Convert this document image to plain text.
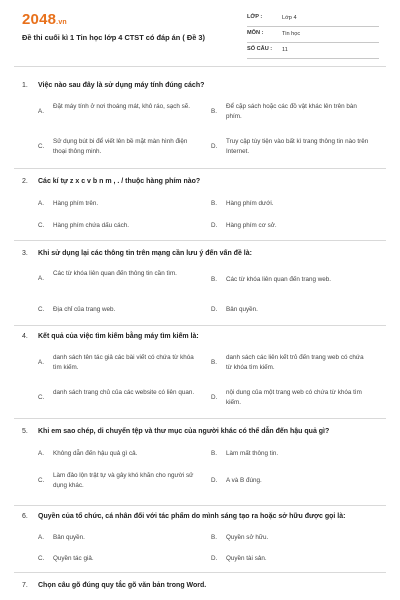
2048.vn
Đề thi cuối kì 1 Tin học lớp 4 CTST có đáp án ( Đề 3)
LỚP :	Lớp 4
MÔN :	Tin học
SỐ CÂU : 11
1. Việc nào sau đây là sử dụng máy tính đúng cách?
A.
Đặt máy tính ở nơi thoáng mát, khô ráo, sạch sẽ.
B.
Để cặp sách hoặc các đồ vật khác lên trên bàn phím.
C.
Sử dụng bút bi để viết lên bề mặt màn hình điện thoại thông minh.
D.
Truy cập tùy tiện vào bất kì trang thông tin nào trên Internet.
2. Các kí tự z x c v b n m , . / thuộc hàng phím nào?
A. Hàng phím trên.	B. Hàng phím dưới.
C. Hàng phím chứa dấu cách.	D. Hàng phím cơ sở.
3. Khi sử dụng lại các thông tin trên mạng cần lưu ý đến vấn đề là:
A.
Các từ khóa liên quan đến thông tin cần tìm.
B. Các từ khóa liên quan đến trang web.
C. Địa chỉ của trang web.	D. Bản quyền.
4. Kết quả của việc tìm kiếm bằng máy tìm kiếm là:
A.
danh sách tên tác giả các bài viết có chứa từ khóa tìm kiếm.
B.
danh sách các liên kết trỏ đến trang web có chứa từ khóa tìm kiếm.
C.
danh sách trang chủ của các website có liên quan.
D.
nội dung của một trang web có chứa từ khóa tìm kiếm.
5. Khi em sao chép, di chuyển tệp và thư mục của người khác có thể dẫn đến hậu quả gì?
A. Không dẫn đến hậu quả gì cả.	B. Làm mất thông tin.
C.
Làm đảo lộn trật tự và gây khó khăn cho người sử dụng khác.
D. A và B đúng.
6. Quyền của tổ chức, cá nhân đối với tác phẩm do mình sáng tạo ra hoặc sở hữu được gọi là:
A. Bản quyền.	B. Quyền sở hữu.
C. Quyền tác giả.	D. Quyền tài sản.
7. Chọn câu gõ đúng quy tắc gõ văn bản trong Word.
